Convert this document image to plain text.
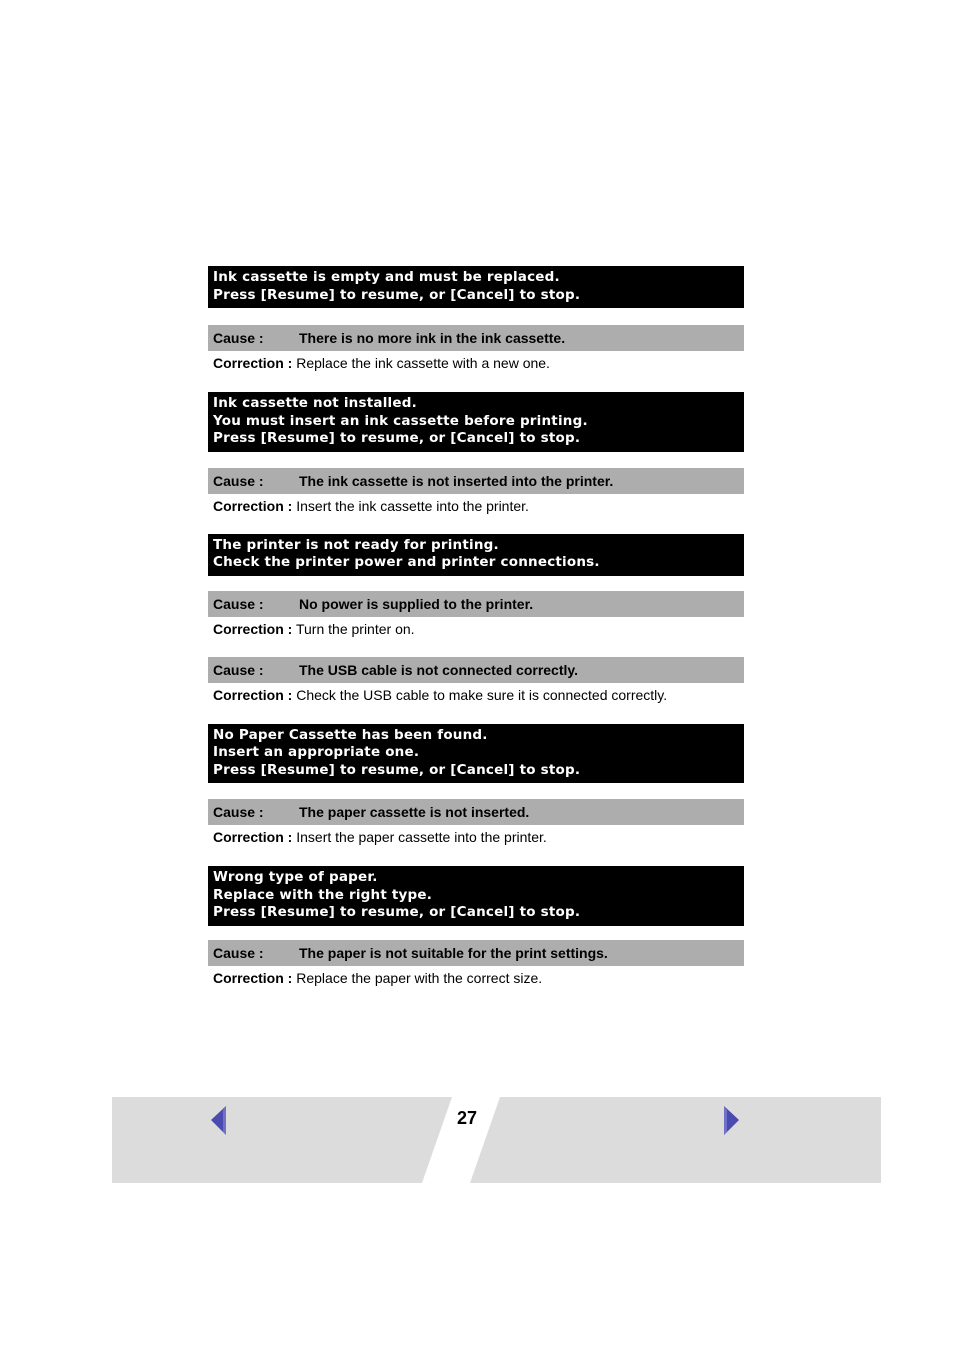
Ink cassette is empty and must be replaced.
Press [Resume] to resume, or [Cancel] to stop.
Cause :	There is no more ink in the ink cassette.
Correction : Replace the ink cassette with a new one.
Ink cassette not installed.
You must insert an ink cassette before printing.
Press [Resume] to resume, or [Cancel] to stop.
Cause :	The ink cassette is not inserted into the printer.
Correction : Insert the ink cassette into the printer.
The printer is not ready for printing.
Check the printer power and printer connections.
Cause :	No power is supplied to the printer.
Correction : Turn the printer on.
Cause :	The USB cable is not connected correctly.
Correction : Check the USB cable to make sure it is connected correctly.
No Paper Cassette has been found.
Insert an appropriate one.
Press [Resume] to resume, or [Cancel] to stop.
Cause :	The paper cassette is not inserted.
Correction : Insert the paper cassette into the printer.
Wrong type of paper.
Replace with the right type.
Press [Resume] to resume, or [Cancel] to stop.
Cause :	The paper is not suitable for the print settings.
Correction : Replace the paper with the correct size.
27
